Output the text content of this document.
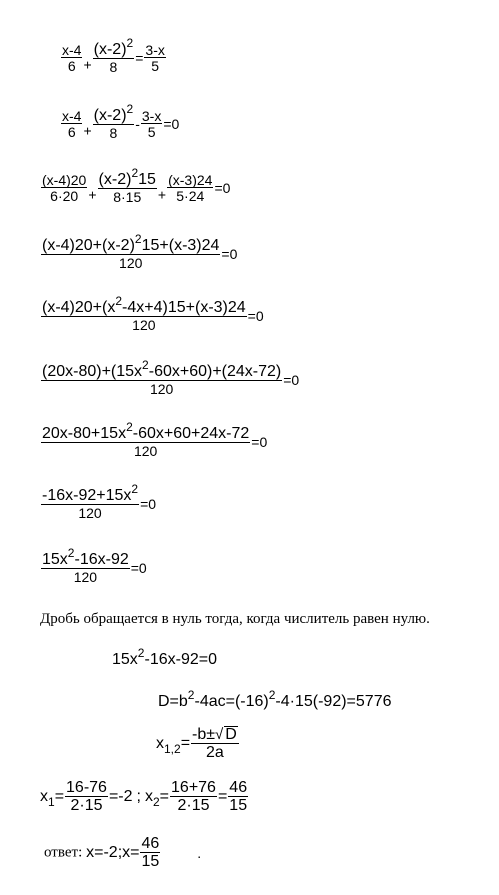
$\frac{x-4}{6} + \frac{(x-2)^2}{8} = \frac{3-x}{5}$
$\frac{x-4}{6} + \frac{(x-2)^2}{8} - \frac{3-x}{5} =0$
$\frac{(x-4)20}{6\cdot 20} + \frac{(x-2)^215}{8\cdot 15} + \frac{(x-3)24}{5\cdot 24} =0$
$\frac{(x-4)20+(x-2)^215+(x-3)24}{120} =0$
$\frac{(x-4)20+(x^2-4x+4)15+(x-3)24}{120} =0$
$\frac{(20x-80)+(15x^2-60x+60)+(24x-72)}{120} =0$
$\frac{20x-80+15x^2-60x+60+24x-72}{120} =0$
$\frac{-16x-92+15x^2}{120} =0$
$\frac{15x^2-16x-92}{120} =0$
Дробь обращается в нуль тогда, когда числитель равен нулю.
$15x^2-16x-92=0$
$D=b^2-4ac=(-16)^2-4\cdot 15(-92)=5776$
$x_{1,2}= \frac{-b\pm√ D}{2a}$
$x_1= \frac{16-76}{2\cdot 15} =-2$ ; $x_2= \frac{16+76}{2\cdot 15} = \frac{46}{15}$
ответ: x=-2;x= $\frac{46}{15}$	.
